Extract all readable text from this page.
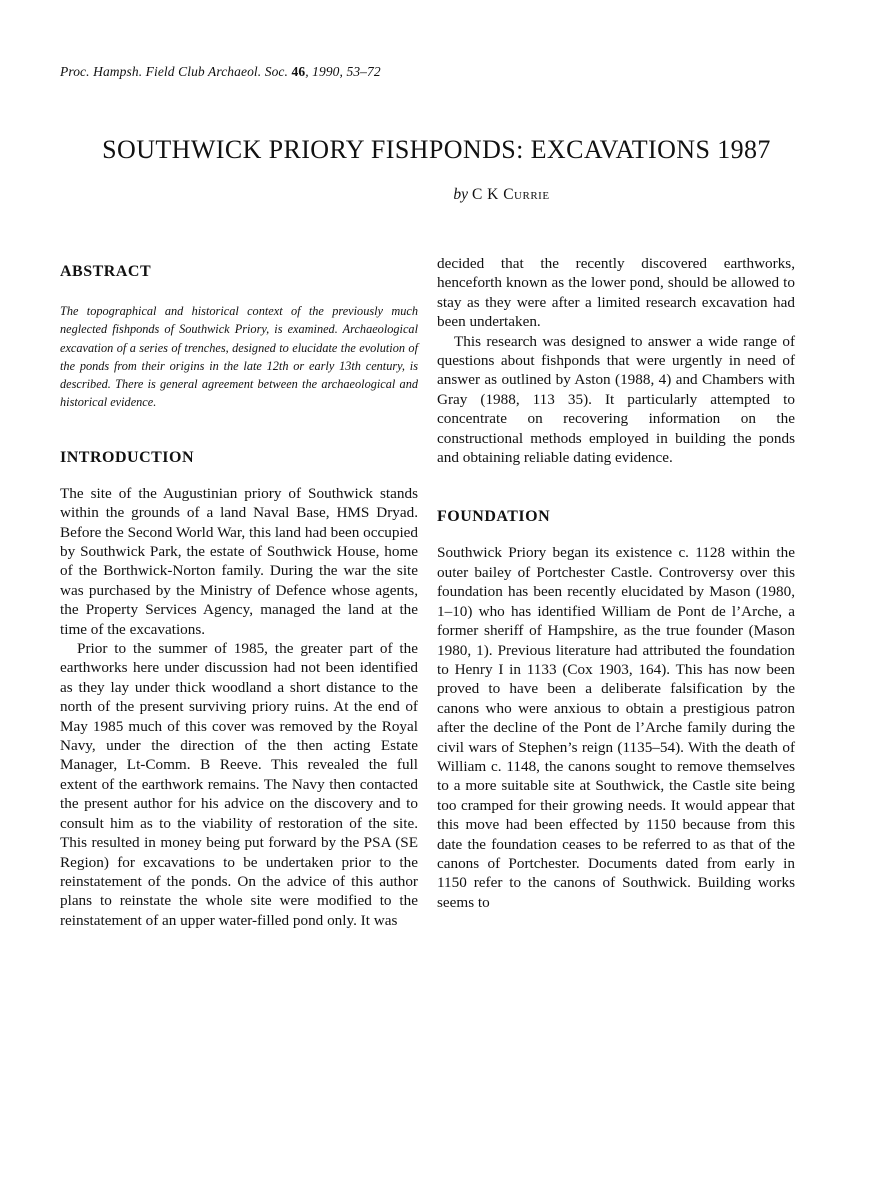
Proc. Hampsh. Field Club Archaeol. Soc. 46, 1990, 53–72
SOUTHWICK PRIORY FISHPONDS: EXCAVATIONS 1987
by C K Currie
ABSTRACT

The topographical and historical context of the previously much neglected fishponds of Southwick Priory, is examined. Archaeological excavation of a series of trenches, designed to elucidate the evolution of the ponds from their origins in the late 12th or early 13th century, is described. There is general agreement between the archaeological and historical evidence.

INTRODUCTION

The site of the Augustinian priory of Southwick stands within the grounds of a land Naval Base, HMS Dryad. Before the Second World War, this land had been occupied by Southwick Park, the estate of Southwick House, home of the Borthwick-Norton family. During the war the site was purchased by the Ministry of Defence whose agents, the Property Services Agency, managed the land at the time of the excavations.

Prior to the summer of 1985, the greater part of the earthworks here under discussion had not been identified as they lay under thick woodland a short distance to the north of the present surviving priory ruins. At the end of May 1985 much of this cover was removed by the Royal Navy, under the direction of the then acting Estate Manager, Lt-Comm. B Reeve. This revealed the full extent of the earthwork remains. The Navy then contacted the present author for his advice on the discovery and to consult him as to the viability of restoration of the site. This resulted in money being put forward by the PSA (SE Region) for excavations to be undertaken prior to the reinstatement of the ponds. On the advice of this author plans to reinstate the whole site were modified to the reinstatement of an upper water-filled pond only. It was

decided that the recently discovered earthworks, henceforth known as the lower pond, should be allowed to stay as they were after a limited research excavation had been undertaken.

This research was designed to answer a wide range of questions about fishponds that were urgently in need of answer as outlined by Aston (1988, 4) and Chambers with Gray (1988, 113 35). It particularly attempted to concentrate on recovering information on the constructional methods employed in building the ponds and obtaining reliable dating evidence.

FOUNDATION

Southwick Priory began its existence c. 1128 within the outer bailey of Portchester Castle. Controversy over this foundation has been recently elucidated by Mason (1980, 1–10) who has identified William de Pont de l’Arche, a former sheriff of Hampshire, as the true founder (Mason 1980, 1). Previous literature had attributed the foundation to Henry I in 1133 (Cox 1903, 164). This has now been proved to have been a deliberate falsification by the canons who were anxious to obtain a prestigious patron after the decline of the Pont de l’Arche family during the civil wars of Stephen’s reign (1135–54). With the death of William c. 1148, the canons sought to remove themselves to a more suitable site at Southwick, the Castle site being too cramped for their growing needs. It would appear that this move had been effected by 1150 because from this date the foundation ceases to be referred to as that of the canons of Portchester. Documents dated from early in 1150 refer to the canons of Southwick. Building works seems to
